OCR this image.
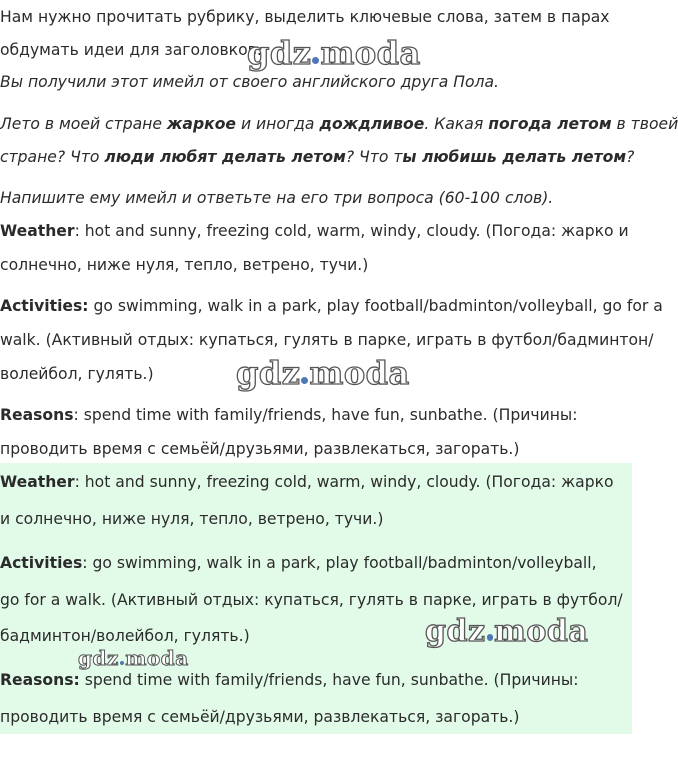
Нам нужно прочитать рубрику, выделить ключевые слова, затем в парах
обдумать идеи для заголовков.
Вы получили этот имейл от своего английского друга Пола.
Лето в моей стране жаркое и иногда дождливое. Какая погода летом в твоей
стране? Что люди любят делать летом? Что ты любишь делать летом?
Напишите ему имейл и ответьте на его три вопроса (60-100 слов).
Weather: hot and sunny, freezing cold, warm, windy, cloudy. (Погода: жарко и
солнечно, ниже нуля, тепло, ветрено, тучи.)
Activities: go swimming, walk in a park, play football/badminton/volleyball, go for a
walk. (Активный отдых: купаться, гулять в парке, играть в футбол/бадминтон/
волейбол, гулять.)
Reasons: spend time with family/friends, have fun, sunbathe. (Причины:
проводить время с семьёй/друзьями, развлекаться, загорать.)
Weather: hot and sunny, freezing cold, warm, windy, cloudy. (Погода: жарко
и солнечно, ниже нуля, тепло, ветрено, тучи.)
Activities: go swimming, walk in a park, play football/badminton/volleyball,
go for a walk. (Активный отдых: купаться, гулять в парке, играть в футбол/
бадминтон/волейбол, гулять.)
Reasons: spend time with family/friends, have fun, sunbathe. (Причины:
проводить время с семьёй/друзьями, развлекаться, загорать.)
gdz moda
gdz moda
gdz moda
gdz moda
